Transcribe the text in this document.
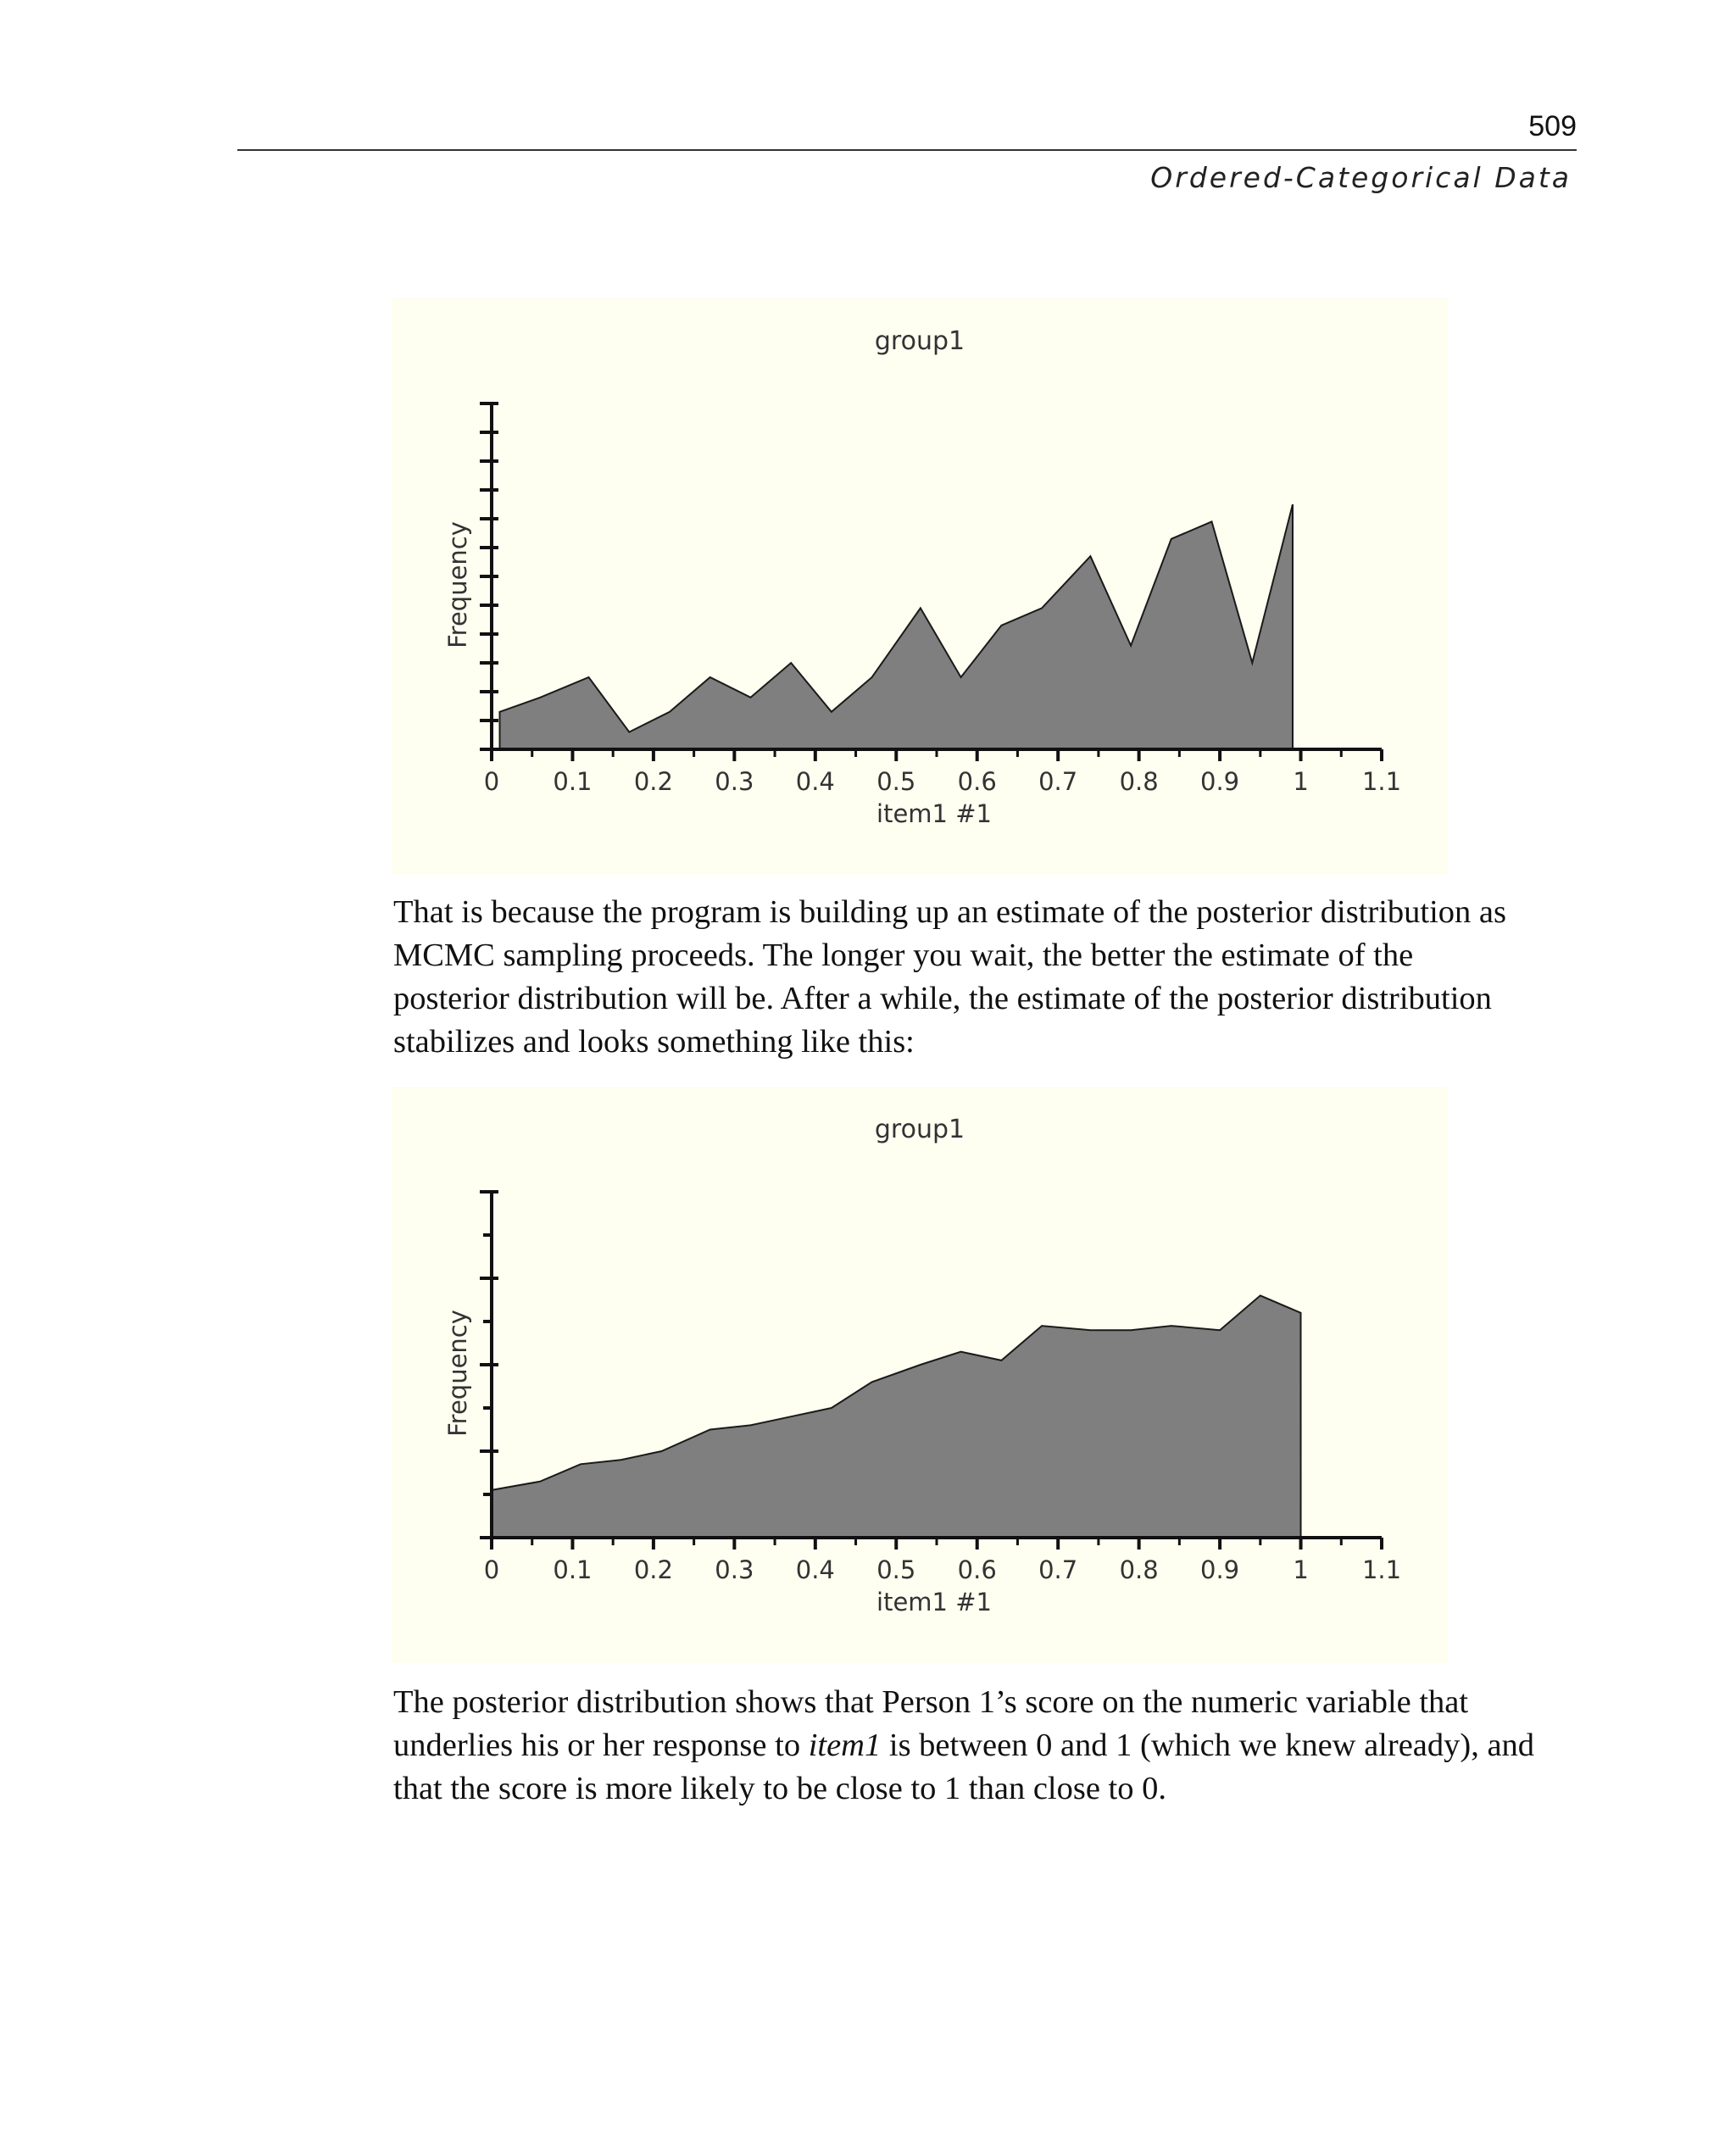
509
Ordered-Categorical Data
group1
0 0.1 0.2 0.3 0.4 0.5 0.6 0.7 0.8 0.9 1 1.1
item1 #1
Frequency
That is because the program is building up an estimate of the posterior distribution as
MCMC sampling proceeds. The longer you wait, the better the estimate of the
posterior distribution will be. After a while, the estimate of the posterior distribution
stabilizes and looks something like this:
group1
0 0.1 0.2 0.3 0.4 0.5 0.6 0.7 0.8 0.9 1 1.1
item1 #1
Frequency
The posterior distribution shows that Person 1’s score on the numeric variable that
underlies his or her response to item1 is between 0 and 1 (which we knew already), and
that the score is more likely to be close to 1 than close to 0.
